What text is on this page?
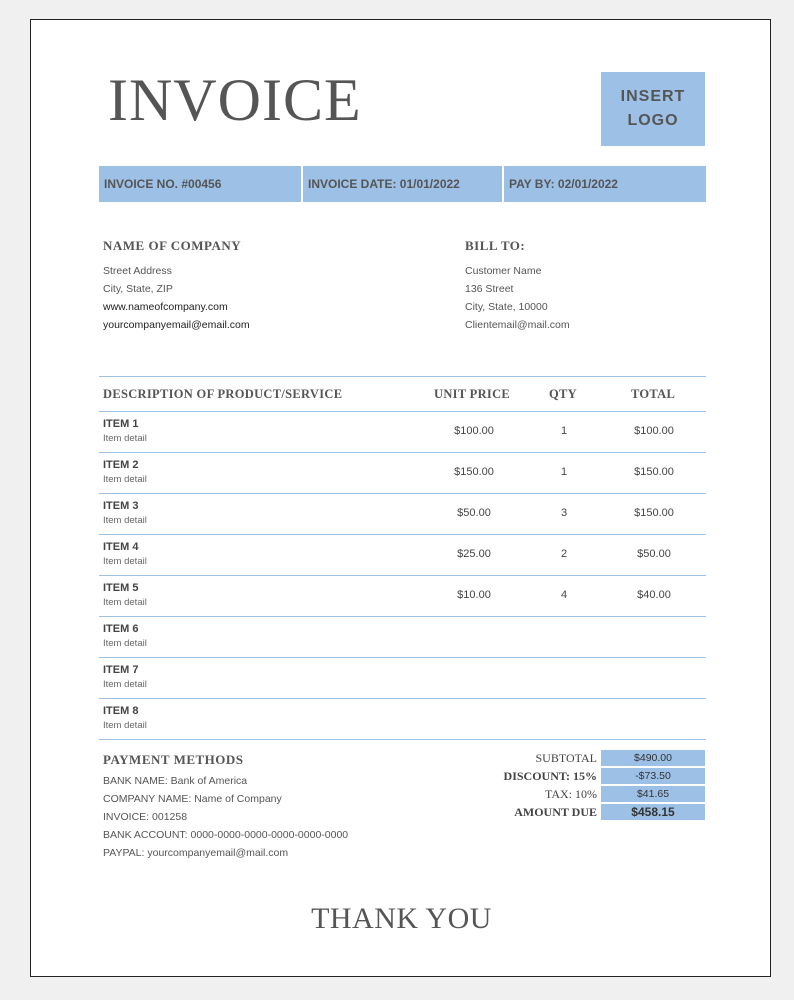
INVOICE	INSERT
LOGO
INVOICE NO. #00456	INVOICE DATE: 01/01/2022	PAY BY: 02/01/2022
NAME OF COMPANY
Street Address
City, State, ZIP
www.nameofcompany.com
yourcompanyemail@email.com
BILL TO:
Customer Name
136 Street
City, State, 10000
Clientemail@mail.com
DESCRIPTION OF PRODUCT/SERVICE	UNIT PRICE	QTY	TOTAL
ITEM 1
Item detail
$100.00	1	$100.00
ITEM 2
Item detail
$150.00	1	$150.00
ITEM 3
Item detail
$50.00	3	$150.00
ITEM 4
Item detail
$25.00	2	$50.00
ITEM 5
Item detail
$10.00	4	$40.00
ITEM 6
Item detail
ITEM 7
Item detail
ITEM 8
Item detail
PAYMENT METHODS
BANK NAME: Bank of America
COMPANY NAME: Name of Company
INVOICE: 001258
BANK ACCOUNT: 0000-0000-0000-0000-0000-0000
PAYPAL: yourcompanyemail@mail.com
SUBTOTAL	$490.00
DISCOUNT: 15%	-$73.50
TAX: 10%	$41.65
AMOUNT DUE	$458.15
THANK YOU
